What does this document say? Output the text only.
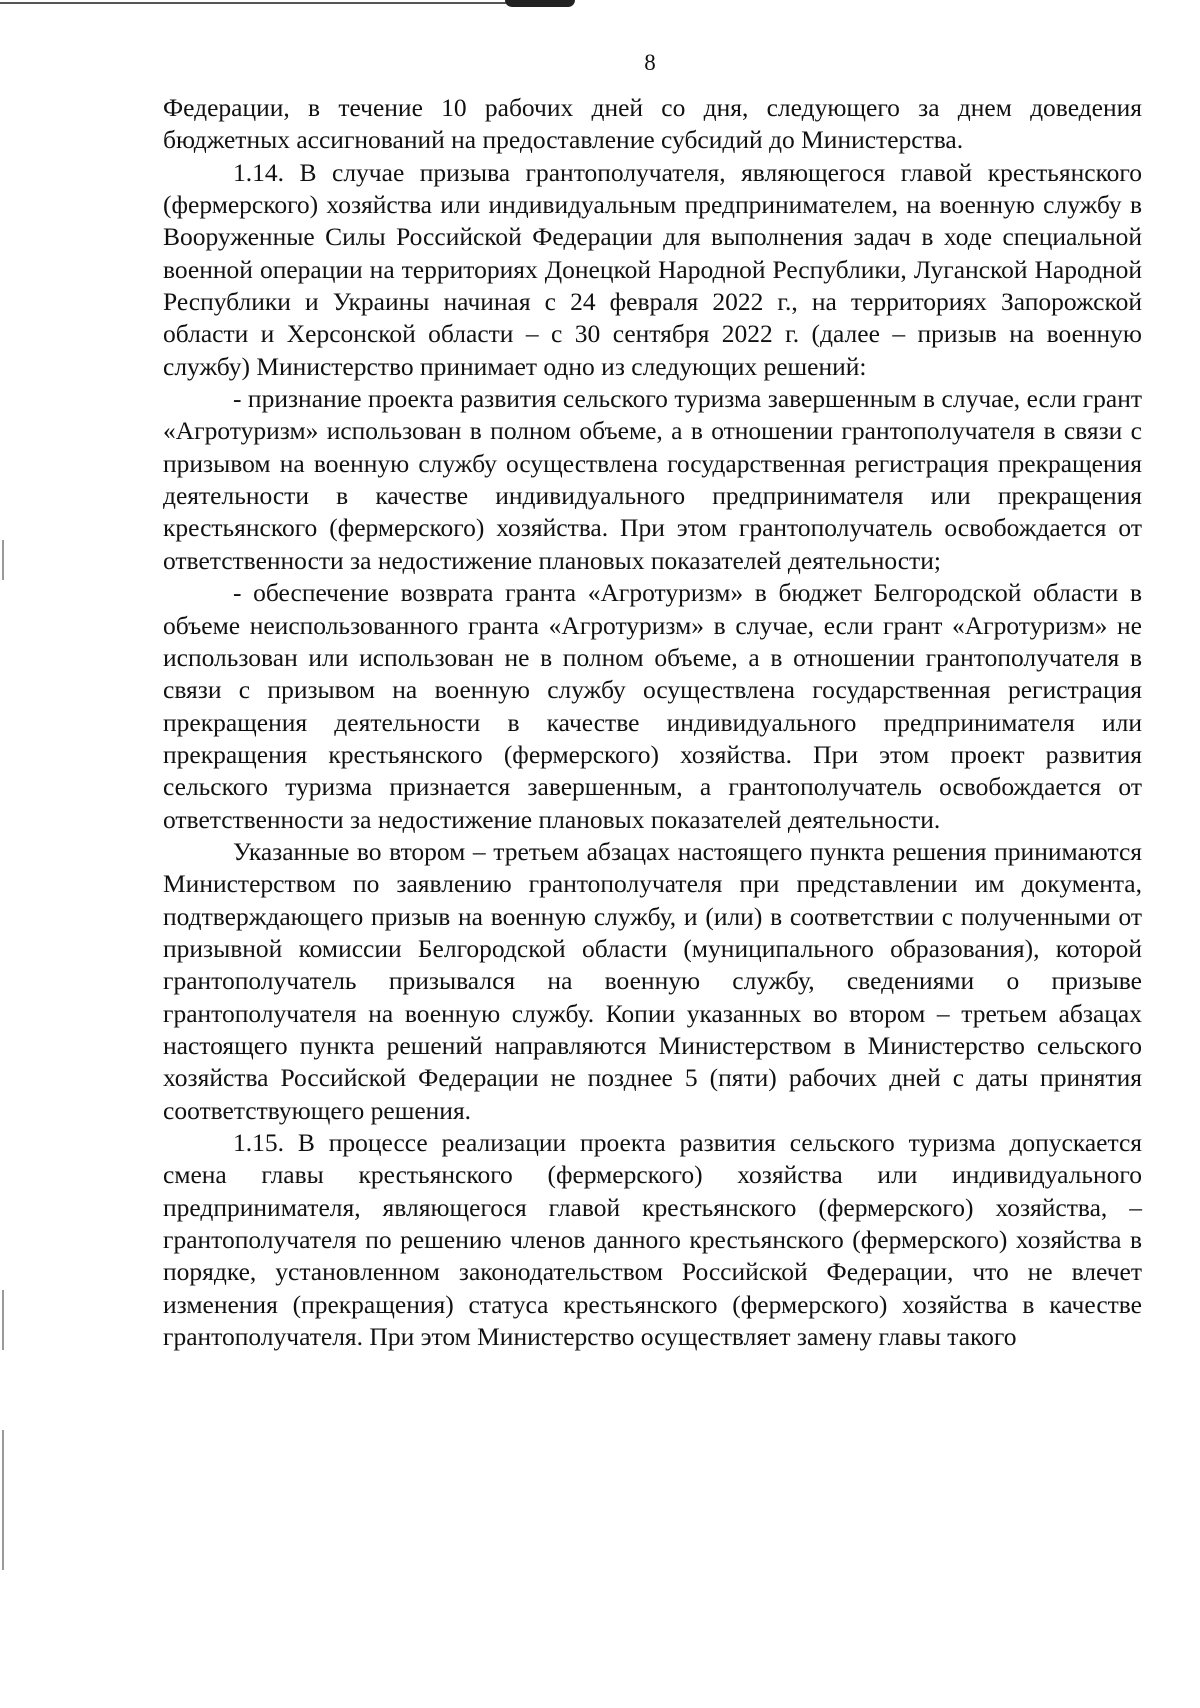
8

Федерации, в течение 10 рабочих дней со дня, следующего за днем доведения бюджетных ассигнований на предоставление субсидий до Министерства.

1.14. В случае призыва грантополучателя, являющегося главой крестьянского (фермерского) хозяйства или индивидуальным предпринимателем, на военную службу в Вооруженные Силы Российской Федерации для выполнения задач в ходе специальной военной операции на территориях Донецкой Народной Республики, Луганской Народной Республики и Украины начиная с 24 февраля 2022 г., на территориях Запорожской области и Херсонской области – с 30 сентября 2022 г. (далее – призыв на военную службу) Министерство принимает одно из следующих решений:

- признание проекта развития сельского туризма завершенным в случае, если грант «Агротуризм» использован в полном объеме, а в отношении грантополучателя в связи с призывом на военную службу осуществлена государственная регистрация прекращения деятельности в качестве индивидуального предпринимателя или прекращения крестьянского (фермерского) хозяйства. При этом грантополучатель освобождается от ответственности за недостижение плановых показателей деятельности;

- обеспечение возврата гранта «Агротуризм» в бюджет Белгородской области в объеме неиспользованного гранта «Агротуризм» в случае, если грант «Агротуризм» не использован или использован не в полном объеме, а в отношении грантополучателя в связи с призывом на военную службу осуществлена государственная регистрация прекращения деятельности в качестве индивидуального предпринимателя или прекращения крестьянского (фермерского) хозяйства. При этом проект развития сельского туризма признается завершенным, а грантополучатель освобождается от ответственности за недостижение плановых показателей деятельности.

Указанные во втором – третьем абзацах настоящего пункта решения принимаются Министерством по заявлению грантополучателя при представлении им документа, подтверждающего призыв на военную службу, и (или) в соответствии с полученными от призывной комиссии Белгородской области (муниципального образования), которой грантополучатель призывался на военную службу, сведениями о призыве грантополучателя на военную службу. Копии указанных во втором – третьем абзацах настоящего пункта решений направляются Министерством в Министерство сельского хозяйства Российской Федерации не позднее 5 (пяти) рабочих дней с даты принятия соответствующего решения.

1.15. В процессе реализации проекта развития сельского туризма допускается смена главы крестьянского (фермерского) хозяйства или индивидуального предпринимателя, являющегося главой крестьянского (фермерского) хозяйства, – грантополучателя по решению членов данного крестьянского (фермерского) хозяйства в порядке, установленном законодательством Российской Федерации, что не влечет изменения (прекращения) статуса крестьянского (фермерского) хозяйства в качестве грантополучателя. При этом Министерство осуществляет замену главы такого
